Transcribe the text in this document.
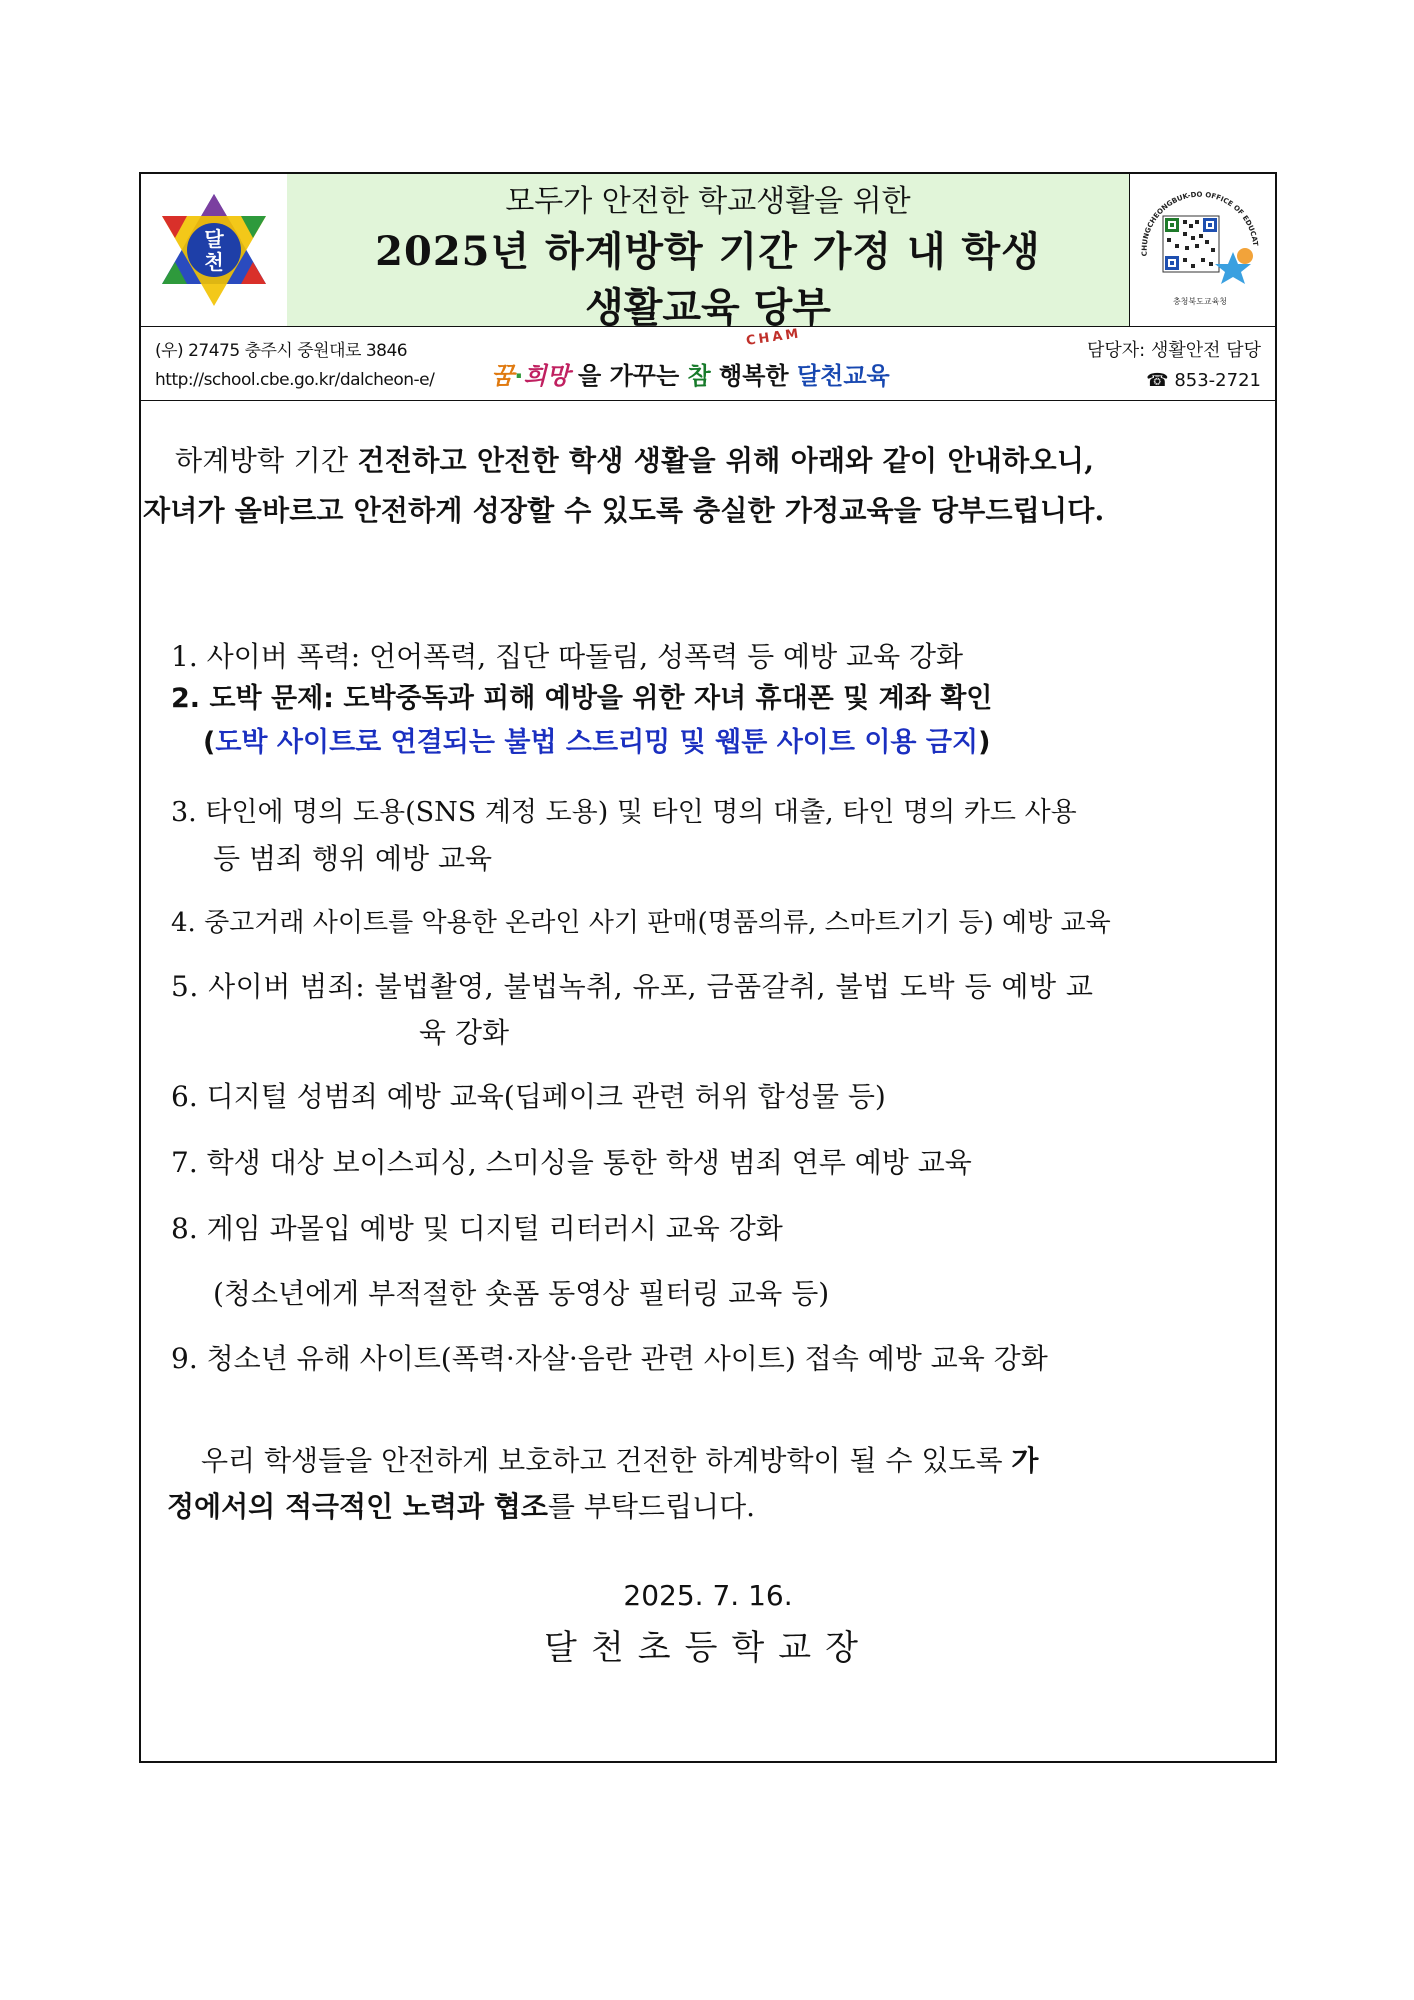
달
천
모두가 안전한 학교생활을 위한
2025년 하계방학 기간 가정 내 학생
생활교육 당부
CHUNGCHEONGBUK-DO OFFICE OF EDUCAT
충청북도교육청
(우) 27475 충주시 중원대로 3846
http://school.cbe.go.kr/dalcheon-e/
CHAM
꿈·희망 을 가꾸는 참 행복한 달천교육
담당자: 생활안전 담당
☎ 853-2721
하계방학 기간 건전하고 안전한 학생 생활을 위해 아래와 같이 안내하오니,
자녀가 올바르고 안전하게 성장할 수 있도록 충실한 가정교육을 당부드립니다.
1. 사이버 폭력: 언어폭력, 집단 따돌림, 성폭력 등 예방 교육 강화
2. 도박 문제: 도박중독과 피해 예방을 위한 자녀 휴대폰 및 계좌 확인
(도박 사이트로 연결되는 불법 스트리밍 및 웹툰 사이트 이용 금지)
3. 타인에 명의 도용(SNS 계정 도용) 및 타인 명의 대출, 타인 명의 카드 사용
등 범죄 행위 예방 교육
4. 중고거래 사이트를 악용한 온라인 사기 판매(명품의류, 스마트기기 등) 예방 교육
5. 사이버 범죄: 불법촬영, 불법녹취, 유포, 금품갈취, 불법 도박 등 예방 교
육 강화
6. 디지털 성범죄 예방 교육(딥페이크 관련 허위 합성물 등)
7. 학생 대상 보이스피싱, 스미싱을 통한 학생 범죄 연루 예방 교육
8. 게임 과몰입 예방 및 디지털 리터러시 교육 강화
(청소년에게 부적절한 숏폼 동영상 필터링 교육 등)
9. 청소년 유해 사이트(폭력·자살·음란 관련 사이트) 접속 예방 교육 강화
우리 학생들을 안전하게 보호하고 건전한 하계방학이 될 수 있도록 가
정에서의 적극적인 노력과 협조를 부탁드립니다.
2025. 7. 16.
달천초등학교장
